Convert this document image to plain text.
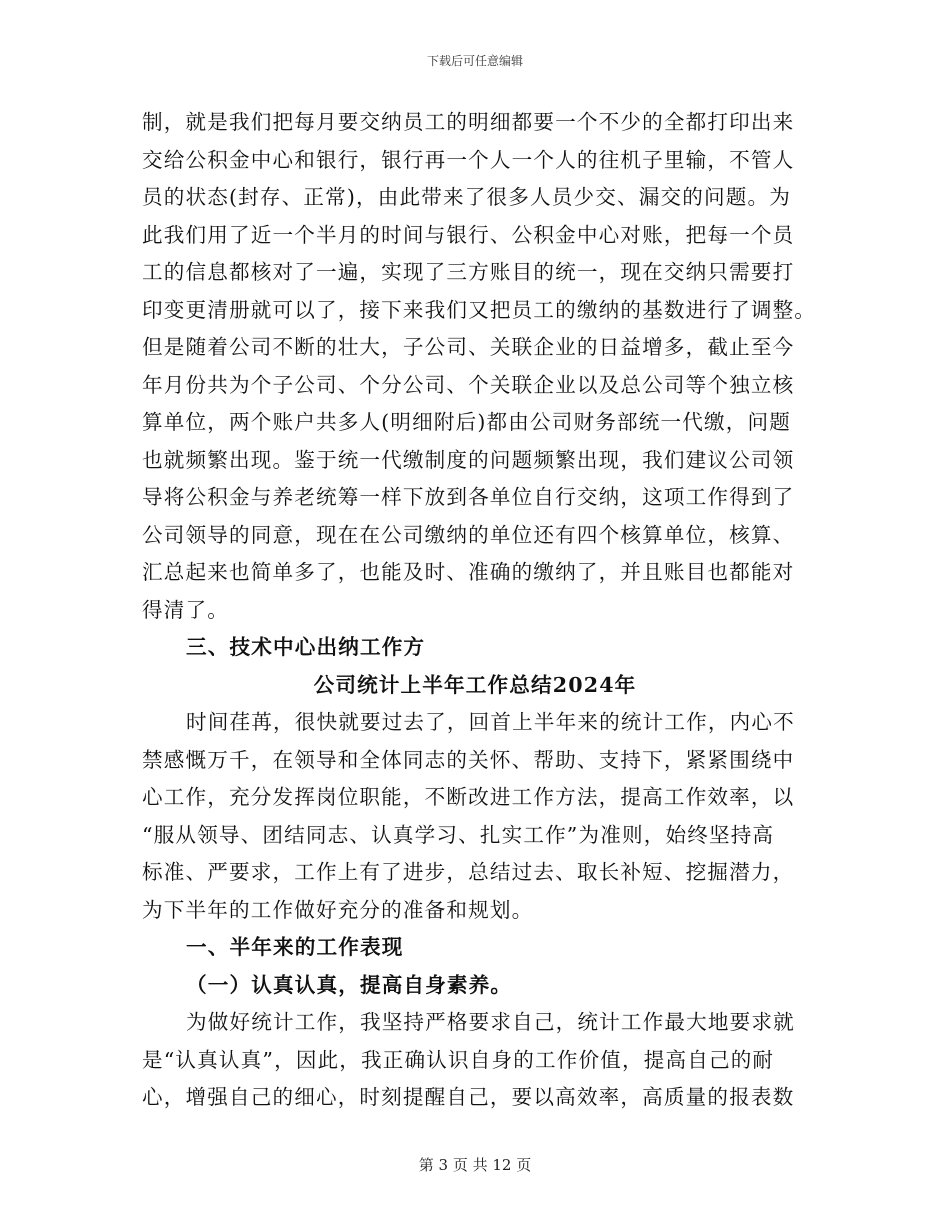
下载后可任意编辑
制，就是我们把每月要交纳员工的明细都要一个不少的全都打印出来
交给公积金中心和银行，银行再一个人一个人的往机子里输，不管人
员的状态(封存、正常)，由此带来了很多人员少交、漏交的问题。为
此我们用了近一个半月的时间与银行、公积金中心对账，把每一个员
工的信息都核对了一遍，实现了三方账目的统一，现在交纳只需要打
印变更清册就可以了，接下来我们又把员工的缴纳的基数进行了调整。
但是随着公司不断的壮大，子公司、关联企业的日益增多，截止至今
年月份共为个子公司、个分公司、个关联企业以及总公司等个独立核
算单位，两个账户共多人(明细附后)都由公司财务部统一代缴，问题
也就频繁出现。鉴于统一代缴制度的问题频繁出现，我们建议公司领
导将公积金与养老统筹一样下放到各单位自行交纳，这项工作得到了
公司领导的同意，现在在公司缴纳的单位还有四个核算单位，核算、
汇总起来也简单多了，也能及时、准确的缴纳了，并且账目也都能对
得清了。
三、技术中心出纳工作方
公司统计上半年工作总结2024年
时间荏苒，很快就要过去了，回首上半年来的统计工作，内心不
禁感慨万千，在领导和全体同志的关怀、帮助、支持下，紧紧围绕中
心工作，充分发挥岗位职能，不断改进工作方法，提高工作效率，以
“服从领导、团结同志、认真学习、扎实工作”为准则，始终坚持高
标准、严要求，工作上有了进步，总结过去、取长补短、挖掘潜力，
为下半年的工作做好充分的准备和规划。
一、半年来的工作表现
（一）认真认真，提高自身素养。
为做好统计工作，我坚持严格要求自己，统计工作最大地要求就
是“认真认真”，因此，我正确认识自身的工作价值，提高自己的耐
心，增强自己的细心，时刻提醒自己，要以高效率，高质量的报表数
第 3 页 共 12 页
